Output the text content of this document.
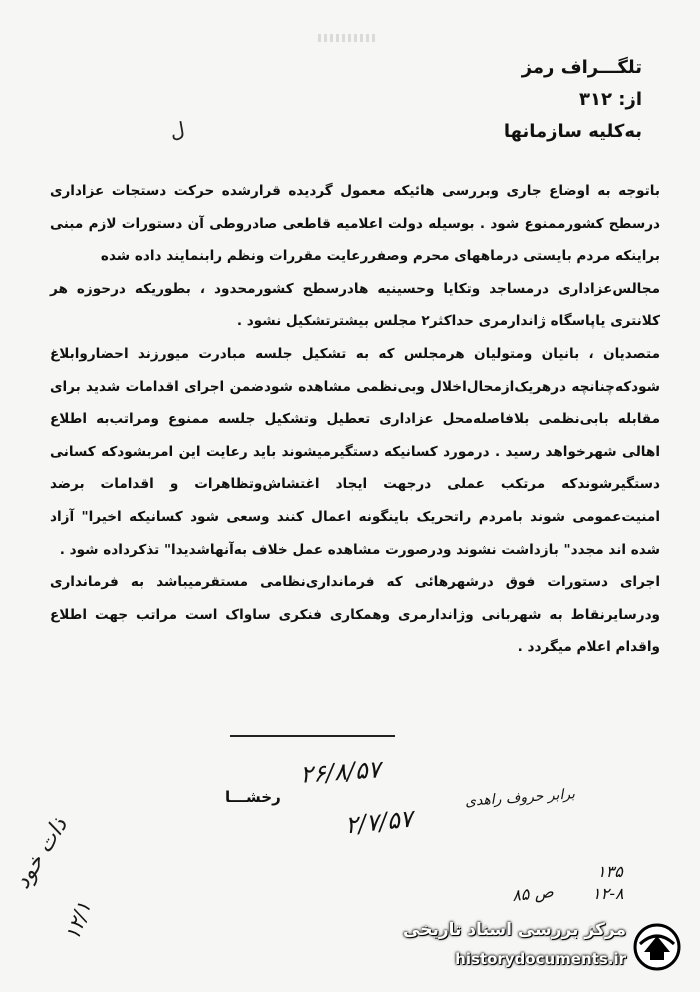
تلگـــراف رمز
از: ۳۱۲
به‌کلیه سازمانها
ل

باتوجه به اوضاع جاری وبررسی هائیکه معمول گردیده قرارشده حرکت دستجات عزاداری درسطح کشورممنوع شود . بوسیله دولت اعلامیه قاطعی صادروطی آن دستورات لازم مبنی براینکه مردم بایستی درماههای محرم وصفررعایت مقررات ونظم رابنمایند داده شده

مجالس‌عزاداری درمساجد وتکایا وحسینیه هادرسطح کشورمحدود ، بطوریکه درحوزه هر کلانتری یاپاسگاه ژاندارمری حداکثر۲ مجلس بیشترتشکیل نشود .

متصدیان ، بانیان ومتولیان هرمجلس که به تشکیل جلسه مبادرت میورزند احضاروابلاغ شودکه‌چنانچه درهریک‌ازمحال‌اخلال وبی‌نظمی مشاهده شودضمن اجرای اقدامات شدید برای مقابله بابی‌نظمی بلافاصله‌محل عزاداری تعطیل وتشکیل جلسه ممنوع ومراتب‌به اطلاع اهالی شهرخواهد رسید . درمورد کسانیکه دستگیرمیشوند باید رعایت این امربشودکه کسانی دستگیرشوندکه مرتکب عملی درجهت ایجاد اغتشاش‌وتظاهرات و اقدامات برضد امنیت‌عمومی شوند بامردم راتحریک باینگونه اعمال کنند وسعی شود کسانیکه اخیرا" آزاد شده اند مجدد" بازداشت نشوند ودرصورت مشاهده عمل خلاف به‌آنهاشدیدا" تذکرداده شود .

اجرای دستورات فوق درشهرهائی که فرمانداری‌نظامی مستقرمیباشد به فرمانداری ودرسایرنقاط به شهربانی وژاندارمری وهمکاری فنکری ساواک است مراتب جهت اطلاع واقدام اعلام میگردد .

۲۶/۸/۵۷
رخشـــا
۲/۷/۵۷
برابر حروف راهدی
ذات خود
۱۲/۱
۱۳۵
۱۲-۸
ص ۸۵
مرکز بررسی اسناد تاریخی
historydocuments.ir
